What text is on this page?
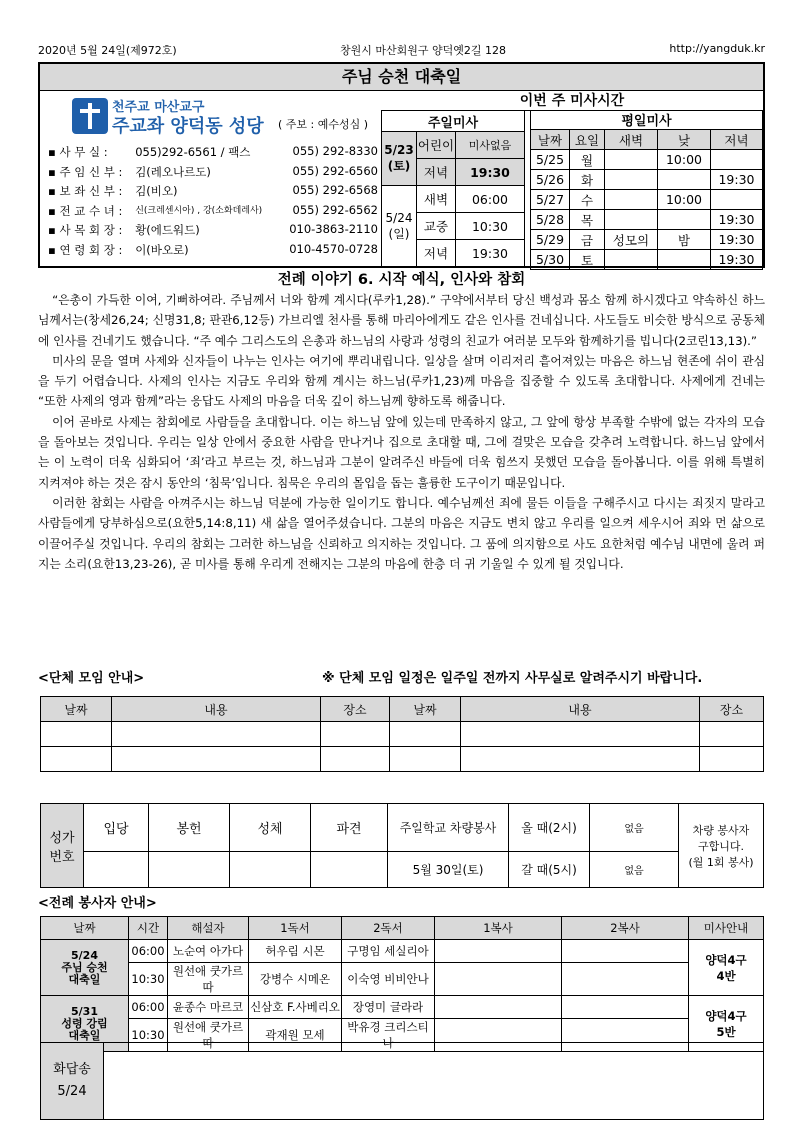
2020년 5월 24일(제972호)	창원시 마산회원구 양덕옛2길 128	http://yangduk.kr
주님 승천 대축일
천주교 마산교구
주교좌 양덕동 성당 ( 주보 : 예수성심 )
▪ 사 무 실 :	055)292-6561 / 팩스	055) 292-8330
▪ 주 임 신 부 :	김(레오나르도)	055) 292-6560
▪ 보 좌 신 부 :	김(비오)	055) 292-6568
▪ 전 교 수 녀 :	신(크레센시아) , 강(소화데레사)	055) 292-6562
▪ 사 목 회 장 :	황(에드워드)	010-3863-2110
▪ 연 령 회 장 :	이(바오로)	010-4570-0728
이번 주 미사시간
주일미사		
5/23
(토)	어린이	미사없음
	저녁	19:30
5/24
(일)	새벽	06:00
	교중	10:30
	저녁	19:30
평일미사				
날짜	요일	새벽	낮	저녁
5/25	월		10:00	
5/26	화			19:30
5/27	수		10:00	
5/28	목			19:30
5/29	금	성모의	밤	19:30
5/30	토			19:30
전례 이야기 6. 시작 예식, 인사와 참회

“은총이 가득한 이여, 기뻐하여라. 주님께서 너와 함께 계시다(루카1,28).” 구약에서부터 당신 백성과 몸소 함께 하시겠다고 약속하신 하느님께서는(창세26,24; 신명31,8; 판관6,12등) 가브리엘 천사를 통해 마리아에게도 같은 인사를 건네십니다. 사도들도 비슷한 방식으로 공동체에 인사를 건네기도 했습니다. “주 예수 그리스도의 은총과 하느님의 사랑과 성령의 친교가 여러분 모두와 함께하기를 빕니다(2코린13,13).”

미사의 문을 열며 사제와 신자들이 나누는 인사는 여기에 뿌리내립니다. 일상을 살며 이리저리 흩어져있는 마음은 하느님 현존에 쉬이 관심을 두기 어렵습니다. 사제의 인사는 지금도 우리와 함께 계시는 하느님(루카1,23)께 마음을 집중할 수 있도록 초대합니다. 사제에게 건네는 “또한 사제의 영과 함께”라는 응답도 사제의 마음을 더욱 깊이 하느님께 향하도록 해줍니다.

이어 곧바로 사제는 참회에로 사람들을 초대합니다. 이는 하느님 앞에 있는데 만족하지 않고, 그 앞에 항상 부족할 수밖에 없는 각자의 모습을 돌아보는 것입니다. 우리는 일상 안에서 중요한 사람을 만나거나 집으로 초대할 때, 그에 걸맞은 모습을 갖추려 노력합니다. 하느님 앞에서는 이 노력이 더욱 심화되어 ‘죄’라고 부르는 것, 하느님과 그분이 알려주신 바들에 더욱 힘쓰지 못했던 모습을 돌아봅니다. 이를 위해 특별히 지켜져야 하는 것은 잠시 동안의 ‘침묵’입니다. 침묵은 우리의 몰입을 돕는 훌륭한 도구이기 때문입니다.

이러한 참회는 사람을 아껴주시는 하느님 덕분에 가능한 일이기도 합니다. 예수님께선 죄에 물든 이들을 구해주시고 다시는 죄짓지 말라고 사람들에게 당부하심으로(요한5,14:8,11) 새 삶을 열어주셨습니다. 그분의 마음은 지금도 변치 않고 우리를 일으켜 세우시어 죄와 먼 삶으로 이끌어주실 것입니다. 우리의 참회는 그러한 하느님을 신뢰하고 의지하는 것입니다. 그 품에 의지함으로 사도 요한처럼 예수님 내면에 울려 퍼지는 소리(요한13,23-26), 곧 미사를 통해 우리게 전해지는 그분의 마음에 한층 더 귀 기울일 수 있게 될 것입니다.

<단체 모임 안내>	※ 단체 모임 일정은 일주일 전까지 사무실로 알려주시기 바랍니다.
날짜	내용	장소	날짜	내용	장소

성가
번호	입당	봉헌	성체	파견	주일학교 차량봉사	올 때(2시)	없음	차량 봉사자
구합니다.
(월 1회 봉사)
					5월 30일(토)	갈 때(5시)	없음	
<전례 봉사자 안내>
날짜	시간	해설자	1독서	2독서	1복사	2복사	미사안내
5/24
주님 승천
대축일	06:00	노순여 아가다	허우림 시몬	구명임 세실리아			양덕4구
4반
	10:30	원선애 쿳가르따	강병수 시메온	이숙영 비비안나			
5/31
성령 강림
대축일	06:00	윤종수 마르코	신삼호 F.사베리오	장영미 글라라			양덕4구
5반
	10:30	원선애 쿳가르따	곽재원 모세	박유경 크리스티나			
화답송
5/24	
